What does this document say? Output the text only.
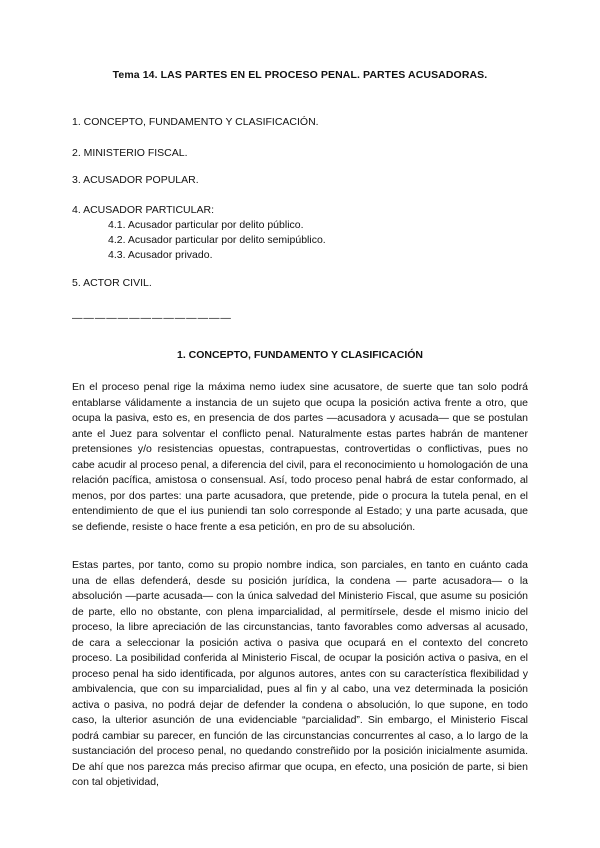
Tema 14. LAS PARTES EN EL PROCESO PENAL. PARTES ACUSADORAS.
1. CONCEPTO, FUNDAMENTO Y CLASIFICACIÓN.
2. MINISTERIO FISCAL.
3. ACUSADOR POPULAR.
4. ACUSADOR PARTICULAR:
4.1. Acusador particular por delito público.
4.2. Acusador particular por delito semipúblico.
4.3. Acusador privado.
5. ACTOR CIVIL.
— — — — — — — — — — — — — —
1. CONCEPTO, FUNDAMENTO Y CLASIFICACIÓN
En el proceso penal rige la máxima nemo iudex sine acusatore, de suerte que tan solo podrá entablarse válidamente a instancia de un sujeto que ocupa la posición activa frente a otro, que ocupa la pasiva, esto es, en presencia de dos partes —acusadora y acusada— que se postulan ante el Juez para solventar el conflicto penal. Naturalmente estas partes habrán de mantener pretensiones y/o resistencias opuestas, contrapuestas, controvertidas o conflictivas, pues no cabe acudir al proceso penal, a diferencia del civil, para el reconocimiento u homologación de una relación pacífica, amistosa o consensual. Así, todo proceso penal habrá de estar conformado, al menos, por dos partes: una parte acusadora, que pretende, pide o procura la tutela penal, en el entendimiento de que el ius puniendi tan solo corresponde al Estado; y una parte acusada, que se defiende, resiste o hace frente a esa petición, en pro de su absolución.
Estas partes, por tanto, como su propio nombre indica, son parciales, en tanto en cuánto cada una de ellas defenderá, desde su posición jurídica, la condena — parte acusadora— o la absolución —parte acusada— con la única salvedad del Ministerio Fiscal, que asume su posición de parte, ello no obstante, con plena imparcialidad, al permitírsele, desde el mismo inicio del proceso, la libre apreciación de las circunstancias, tanto favorables como adversas al acusado, de cara a seleccionar la posición activa o pasiva que ocupará en el contexto del concreto proceso. La posibilidad conferida al Ministerio Fiscal, de ocupar la posición activa o pasiva, en el proceso penal ha sido identificada, por algunos autores, antes con su característica flexibilidad y ambivalencia, que con su imparcialidad, pues al fin y al cabo, una vez determinada la posición activa o pasiva, no podrá dejar de defender la condena o absolución, lo que supone, en todo caso, la ulterior asunción de una evidenciable “parcialidad”. Sin embargo, el Ministerio Fiscal podrá cambiar su parecer, en función de las circunstancias concurrentes al caso, a lo largo de la sustanciación del proceso penal, no quedando constreñido por la posición inicialmente asumida. De ahí que nos parezca más preciso afirmar que ocupa, en efecto, una posición de parte, si bien con tal objetividad,
